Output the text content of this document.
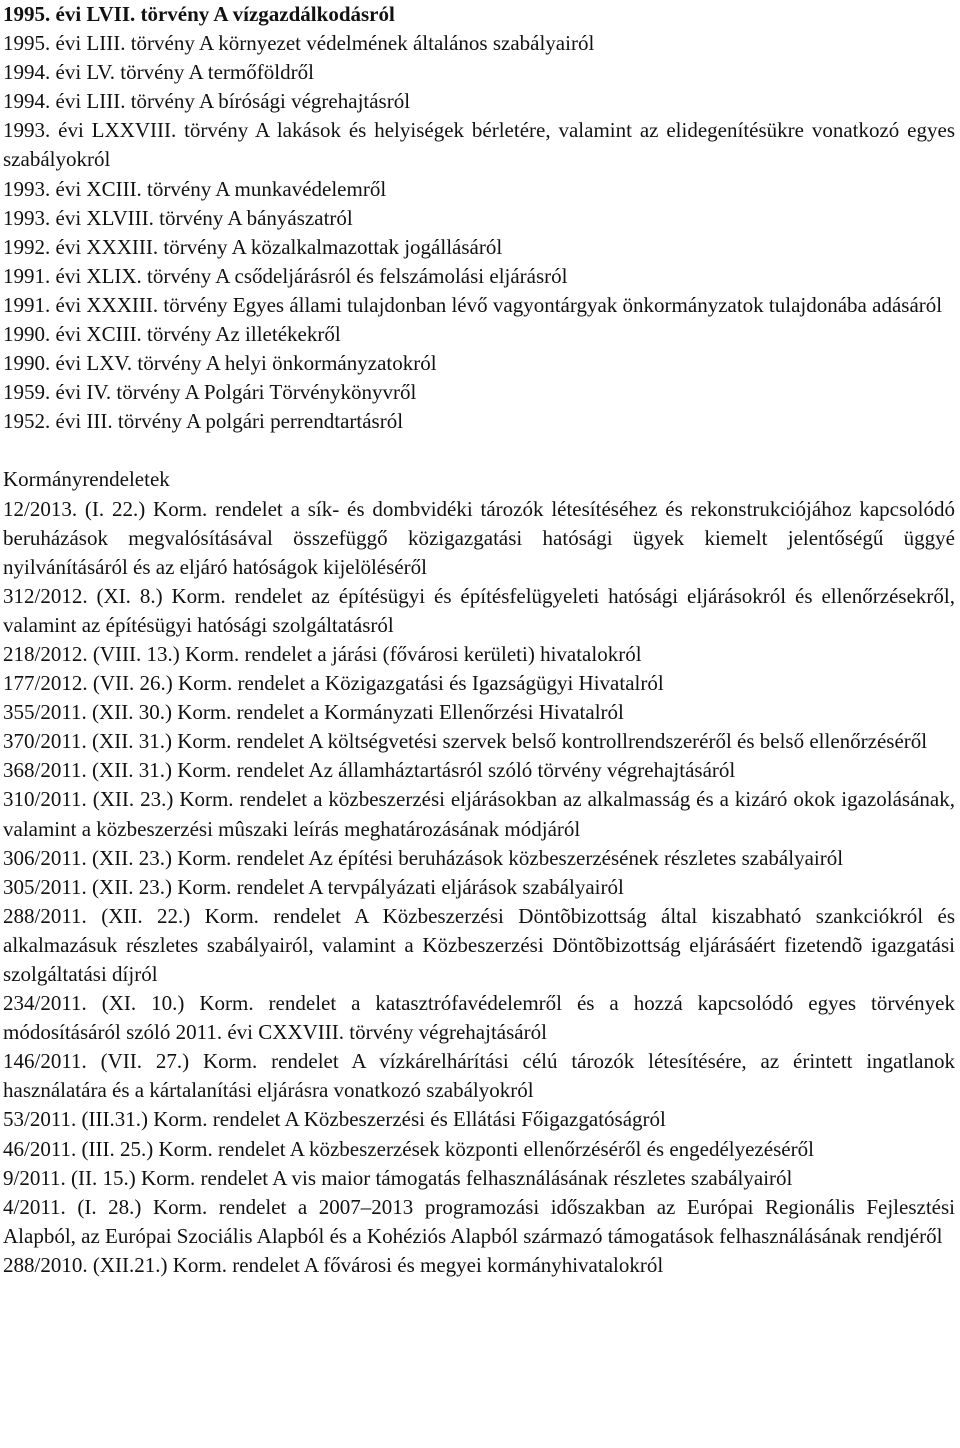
1995. évi LVII. törvény A vízgazdálkodásról

1995. évi LIII. törvény A környezet védelmének általános szabályairól

1994. évi LV. törvény A termőföldről

1994. évi LIII. törvény A bírósági végrehajtásról

1993. évi LXXVIII. törvény A lakások és helyiségek bérletére, valamint az elidegenítésükre vonatkozó egyes szabályokról

1993. évi XCIII. törvény A munkavédelemről

1993. évi XLVIII. törvény A bányászatról

1992. évi XXXIII. törvény A közalkalmazottak jogállásáról

1991. évi XLIX. törvény A csődeljárásról és felszámolási eljárásról

1991. évi XXXIII. törvény Egyes állami tulajdonban lévő vagyontárgyak önkormányzatok tulajdonába adásáról

1990. évi XCIII. törvény Az illetékekről

1990. évi LXV. törvény A helyi önkormányzatokról

1959. évi IV. törvény A Polgári Törvénykönyvről

1952. évi III. törvény A polgári perrendtartásról

Kormányrendeletek

12/2013. (I. 22.) Korm. rendelet a sík- és dombvidéki tározók létesítéséhez és rekonstrukciójához kapcsolódó beruházások megvalósításával összefüggő közigazgatási hatósági ügyek kiemelt jelentőségű üggyé nyilvánításáról és az eljáró hatóságok kijelöléséről

312/2012. (XI. 8.) Korm. rendelet az építésügyi és építésfelügyeleti hatósági eljárásokról és ellenőrzésekről, valamint az építésügyi hatósági szolgáltatásról

218/2012. (VIII. 13.) Korm. rendelet a járási (fővárosi kerületi) hivatalokról

177/2012. (VII. 26.) Korm. rendelet a Közigazgatási és Igazságügyi Hivatalról

355/2011. (XII. 30.) Korm. rendelet a Kormányzati Ellenőrzési Hivatalról

370/2011. (XII. 31.) Korm. rendelet A költségvetési szervek belső kontrollrendszeréről és belső ellenőrzéséről

368/2011. (XII. 31.) Korm. rendelet Az államháztartásról szóló törvény végrehajtásáról

310/2011. (XII. 23.) Korm. rendelet a közbeszerzési eljárásokban az alkalmasság és a kizáró okok igazolásának, valamint a közbeszerzési mûszaki leírás meghatározásának módjáról

306/2011. (XII. 23.) Korm. rendelet Az építési beruházások közbeszerzésének részletes szabályairól

305/2011. (XII. 23.) Korm. rendelet A tervpályázati eljárások szabályairól

288/2011. (XII. 22.) Korm. rendelet A Közbeszerzési Döntõbizottság által kiszabható szankciókról és alkalmazásuk részletes szabályairól, valamint a Közbeszerzési Döntõbizottság eljárásáért fizetendõ igazgatási szolgáltatási díjról

234/2011. (XI. 10.) Korm. rendelet a katasztrófavédelemről és a hozzá kapcsolódó egyes törvények módosításáról szóló 2011. évi CXXVIII. törvény végrehajtásáról

146/2011. (VII. 27.) Korm. rendelet A vízkárelhárítási célú tározók létesítésére, az érintett ingatlanok használatára és a kártalanítási eljárásra vonatkozó szabályokról

53/2011. (III.31.) Korm. rendelet A Közbeszerzési és Ellátási Főigazgatóságról

46/2011. (III. 25.) Korm. rendelet A közbeszerzések központi ellenőrzéséről és engedélyezéséről

9/2011. (II. 15.) Korm. rendelet A vis maior támogatás felhasználásának részletes szabályairól

4/2011. (I. 28.) Korm. rendelet a 2007–2013 programozási időszakban az Európai Regionális Fejlesztési Alapból, az Európai Szociális Alapból és a Kohéziós Alapból származó támogatások felhasználásának rendjéről

288/2010. (XII.21.) Korm. rendelet A fővárosi és megyei kormányhivatalokról
